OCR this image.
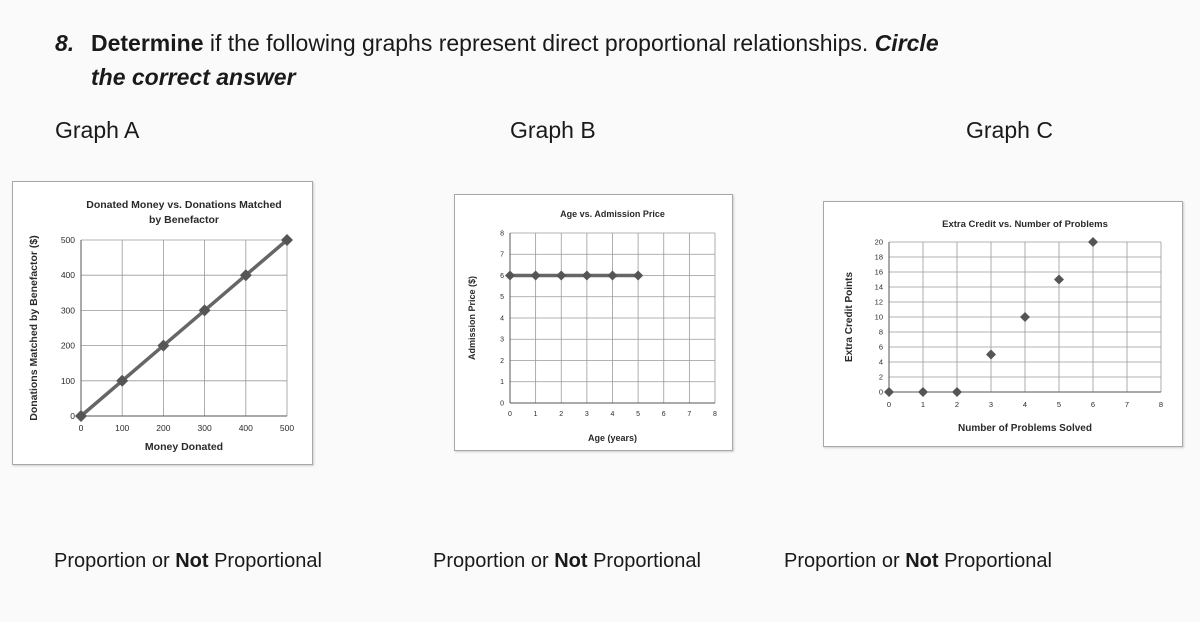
8. Determine if the following graphs represent direct proportional relationships. Circle
the correct answer
Graph A	Graph B	Graph C
0	100	200	300	400	500
0
100
200
300
400
500
Donated Money vs. Donations Matched
by Benefactor
Money Donated
Donations Matched by Benefactor ($)	0	1	2	3	4	5	6	7	8
0
1
2
3
4
5
6
7
8
Age vs. Admission Price
Age (years)
Admission Price ($)
0	1	2	3	4	5	6	7	8
0
2
4
6
8
10
12
14
16
18
20
Extra Credit vs. Number of Problems
Number of Problems Solved
Extra Credit Points
Proportion or Not Proportional	Proportion or Not Proportional	Proportion or Not Proportional
